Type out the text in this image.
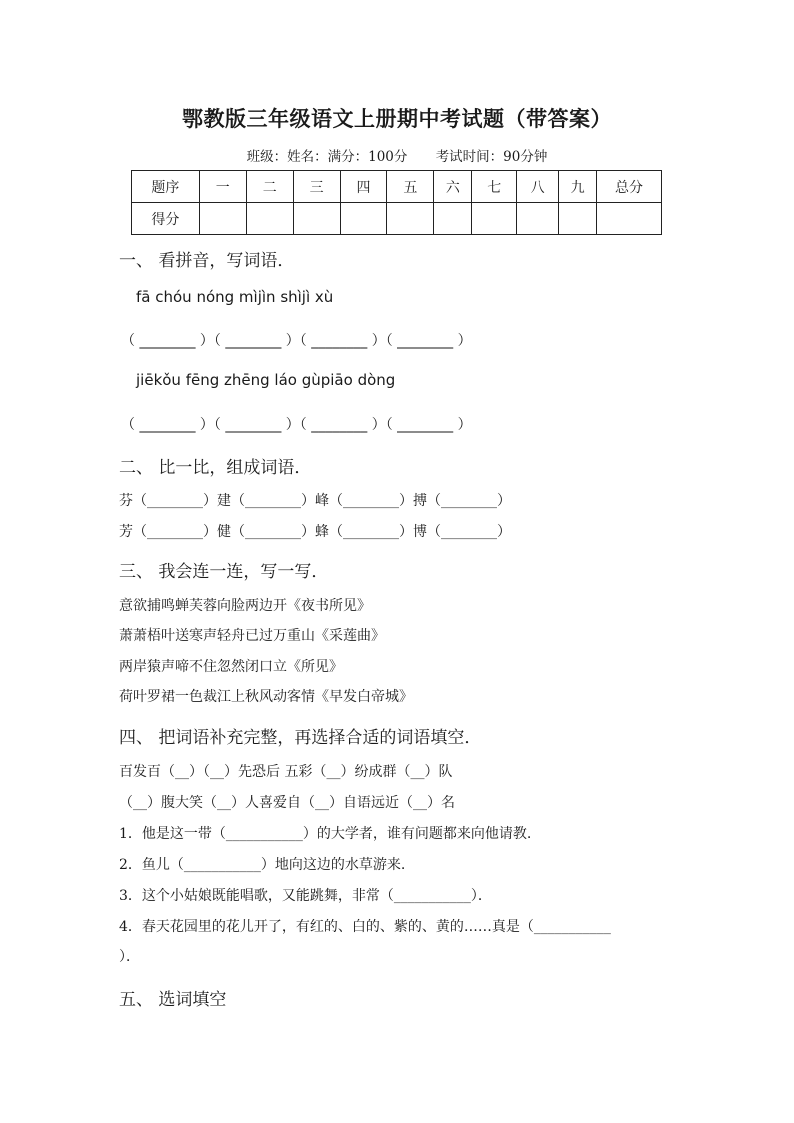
鄂教版三年级语文上册期中考试题（带答案）
班级：姓名：满分：100分 考试时间：90分钟
题序	一	二	三	四	五	六	七	八	九	总分
得分										
一、 看拼音，写词语．
fā chóu nóng mìjìn shìjì xù
（ ________ ）（ ________ ）（ ________ ）（ ________ ）
jiēkǒu fēng zhēng láo gùpiāo dòng
（ ________ ）（ ________ ）（ ________ ）（ ________ ）
二、 比一比，组成词语．
芬（________）建（________）峰（________）搏（________）
芳（________）健（________）蜂（________）博（________）
三、 我会连一连，写一写．
意欲捕鸣蝉芙蓉向脸两边开《夜书所见》
萧萧梧叶送寒声轻舟已过万重山《采莲曲》
两岸猿声啼不住忽然闭口立《所见》
荷叶罗裙一色裁江上秋风动客情《早发白帝城》
四、 把词语补充完整，再选择合适的词语填空．
百发百（__）（__）先恐后 五彩（__）纷成群（__）队
（__）腹大笑（__）人喜爱自（__）自语远近（__）名
1．他是这一带（___________）的大学者，谁有问题都来向他请教.
2．鱼儿（___________）地向这边的水草游来.
3．这个小姑娘既能唱歌，又能跳舞，非常（___________）．
4．春天花园里的花儿开了，有红的、白的、紫的、黄的……真是（___________
）．
五、 选词填空
